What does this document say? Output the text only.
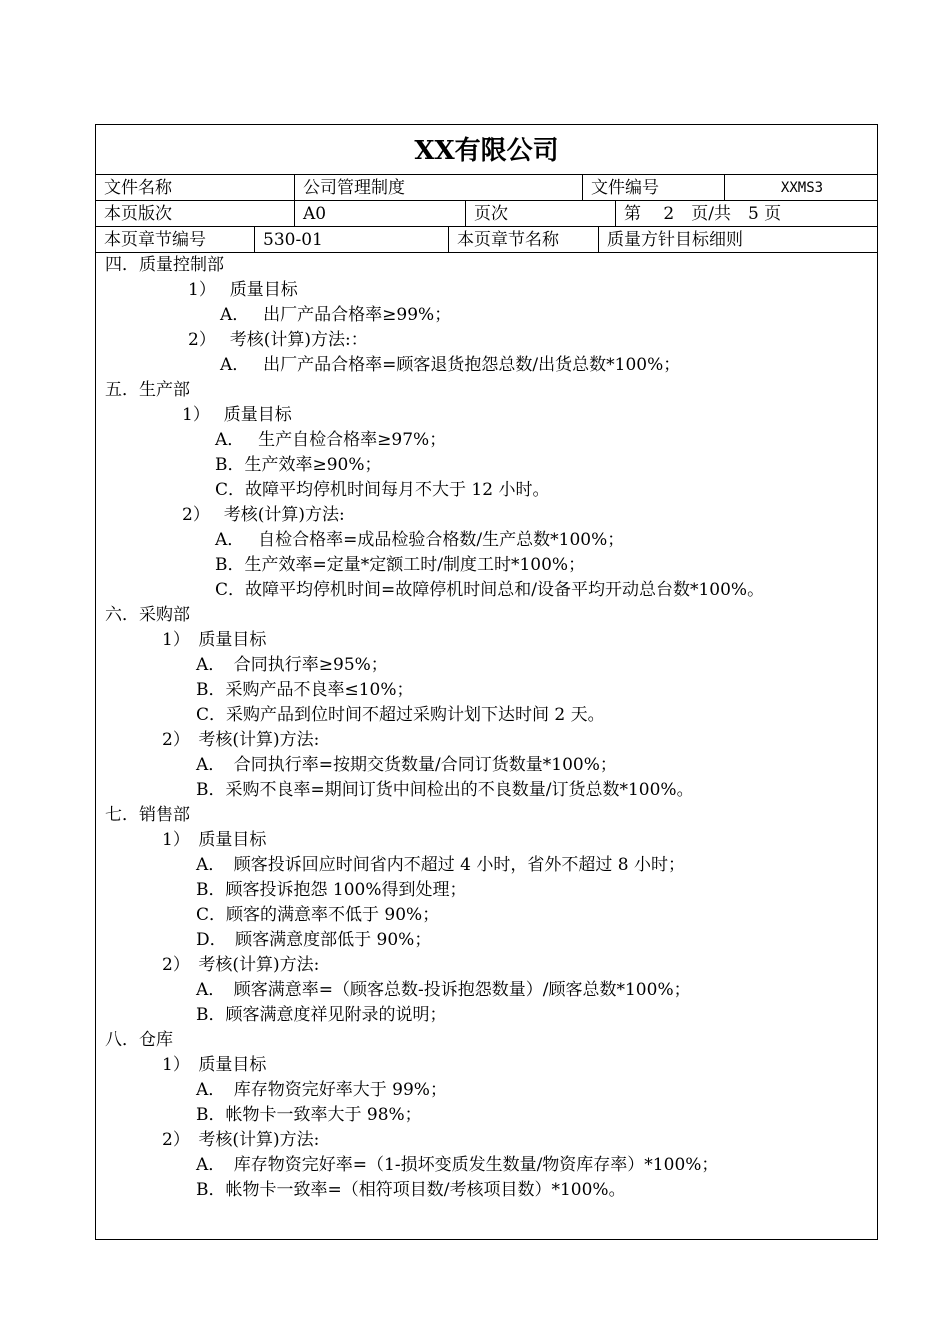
XX有限公司
文件名称	公司管理制度	文件编号	XXMS3
本页版次	A0	页次	第　 2　页/共　5 页
本页章节编号	530-01	本页章节名称	质量方针目标细则
四．质量控制部
1）　 质量目标
A．　 出厂产品合格率≥99%；
2）　 考核(计算)方法:：
A．　 出厂产品合格率=顾客退货抱怨总数/出货总数*100%；
五．生产部
1）　 质量目标
A．　 生产自检合格率≥97%；
B．生产效率≥90%；
C．故障平均停机时间每月不大于 12 小时。
2）　 考核(计算)方法:
A．　 自检合格率=成品检验合格数/生产总数*100%；
B．生产效率=定量*定额工时/制度工时*100%；
C．故障平均停机时间=故障停机时间总和/设备平均开动总台数*100%。
六．采购部
1）　质量目标
A．　合同执行率≥95%；
B．采购产品不良率≤10%；
C．采购产品到位时间不超过采购计划下达时间 2 天。
2）　考核(计算)方法:
A．　合同执行率=按期交货数量/合同订货数量*100%；
B．采购不良率=期间订货中间检出的不良数量/订货总数*100%。
七．销售部
1）　质量目标
A．　顾客投诉回应时间省内不超过 4 小时，省外不超过 8 小时；
B．顾客投诉抱怨 100%得到处理；
C．顾客的满意率不低于 90%；
D．　顾客满意度部低于 90%；
2）　考核(计算)方法:
A．　顾客满意率=（顾客总数-投诉抱怨数量）/顾客总数*100%；
B．顾客满意度祥见附录的说明；
八．仓库
1）　质量目标
A．　库存物资完好率大于 99%；
B．帐物卡一致率大于 98%；
2）　考核(计算)方法:
A．　库存物资完好率=（1-损坏变质发生数量/物资库存率）*100%；
B．帐物卡一致率=（相符项目数/考核项目数）*100%。
